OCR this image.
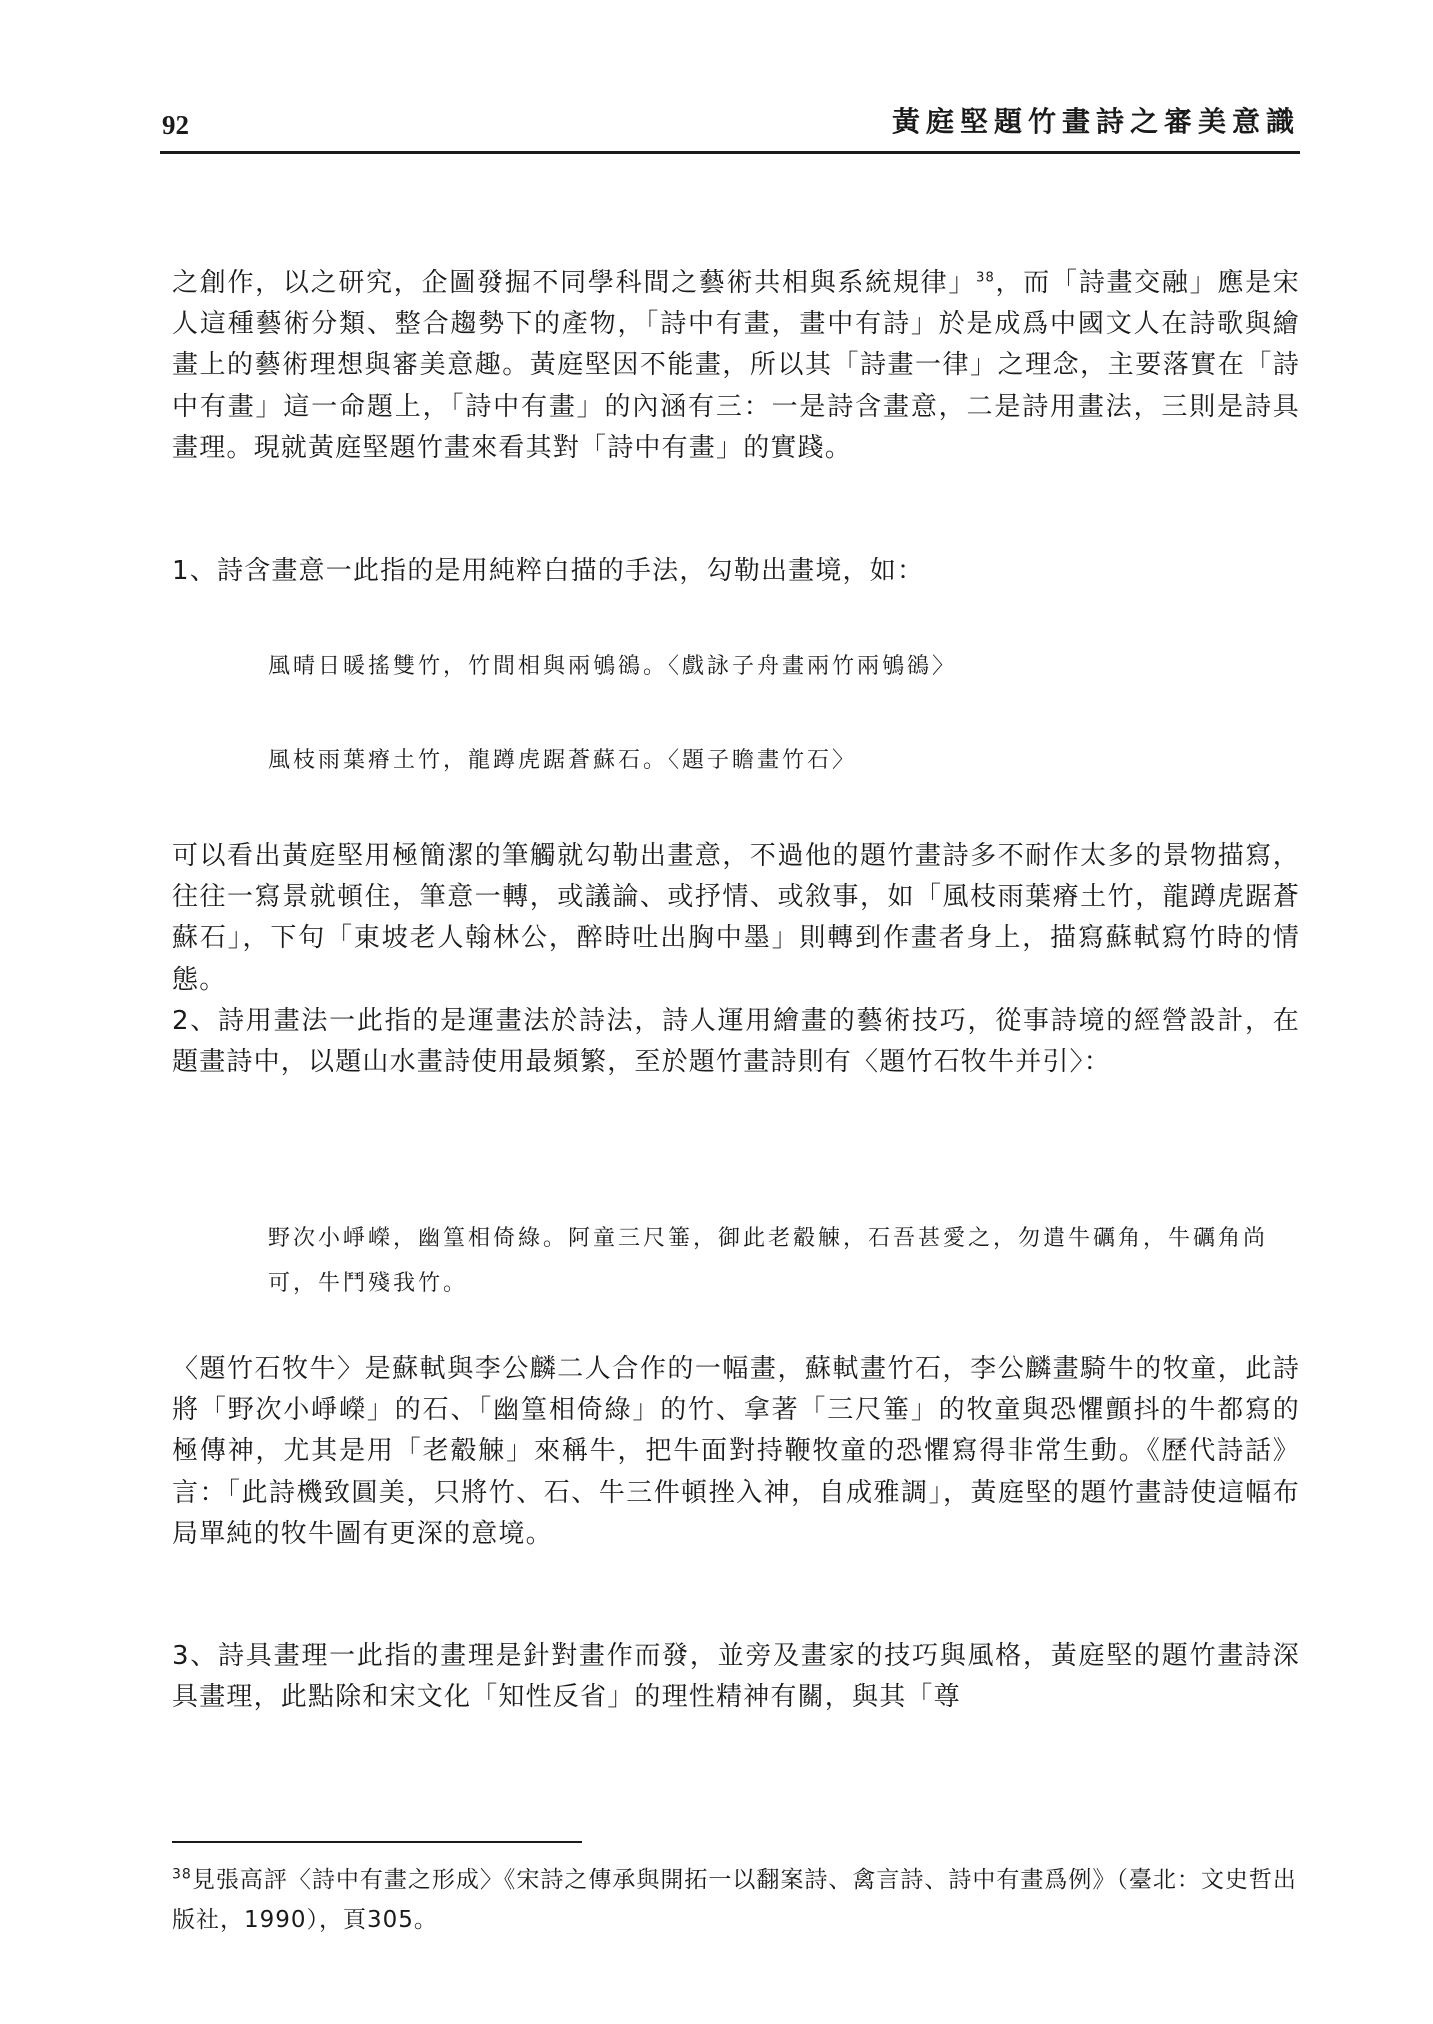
92	黃庭堅題竹畫詩之審美意識

之創作，以之研究，企圖發掘不同學科間之藝術共相與系統規律」$^{38}$，而「詩畫交融」應是宋人這種藝術分類、整合趨勢下的產物，「詩中有畫，畫中有詩」於是成爲中國文人在詩歌與繪畫上的藝術理想與審美意趣。黃庭堅因不能畫，所以其「詩畫一律」之理念，主要落實在「詩中有畫」這一命題上，「詩中有畫」的內涵有三：一是詩含畫意，二是詩用畫法，三則是詩具畫理。現就黃庭堅題竹畫來看其對「詩中有畫」的實踐。

1、詩含畫意一此指的是用純粹白描的手法，勾勒出畫境，如：

風晴日暖搖雙竹，竹間相與兩鴝鵒。〈戲詠子舟畫兩竹兩鴝鵒〉

風枝雨葉瘠土竹，龍蹲虎踞蒼蘇石。〈題子瞻畫竹石〉

可以看出黃庭堅用極簡潔的筆觸就勾勒出畫意，不過他的題竹畫詩多不耐作太多的景物描寫，往往一寫景就頓住，筆意一轉，或議論、或抒情、或敘事，如「風枝雨葉瘠土竹，龍蹲虎踞蒼蘇石」，下句「東坡老人翰林公，醉時吐出胸中墨」則轉到作畫者身上，描寫蘇軾寫竹時的情態。

2、詩用畫法一此指的是運畫法於詩法，詩人運用繪畫的藝術技巧，從事詩境的經營設計，在題畫詩中，以題山水畫詩使用最頻繁，至於題竹畫詩則有〈題竹石牧牛并引〉：

野次小崢嶸，幽篁相倚綠。阿童三尺箠，御此老觳觫，石吾甚愛之，勿遣牛礪角，牛礪角尚可，牛鬥殘我竹。

〈題竹石牧牛〉是蘇軾與李公麟二人合作的一幅畫，蘇軾畫竹石，李公麟畫騎牛的牧童，此詩將「野次小崢嶸」的石、「幽篁相倚綠」的竹、拿著「三尺箠」的牧童與恐懼顫抖的牛都寫的極傳神，尤其是用「老觳觫」來稱牛，把牛面對持鞭牧童的恐懼寫得非常生動。《歷代詩話》言：「此詩機致圓美，只將竹、石、牛三件頓挫入神，自成雅調」，黃庭堅的題竹畫詩使這幅布局單純的牧牛圖有更深的意境。

3、詩具畫理一此指的畫理是針對畫作而發，並旁及畫家的技巧與風格，黃庭堅的題竹畫詩深具畫理，此點除和宋文化「知性反省」的理性精神有關，與其「尊

$^{38}$見張高評〈詩中有畫之形成〉《宋詩之傳承與開拓一以翻案詩、禽言詩、詩中有畫爲例》（臺北：文史哲出版社，1990），頁305。
